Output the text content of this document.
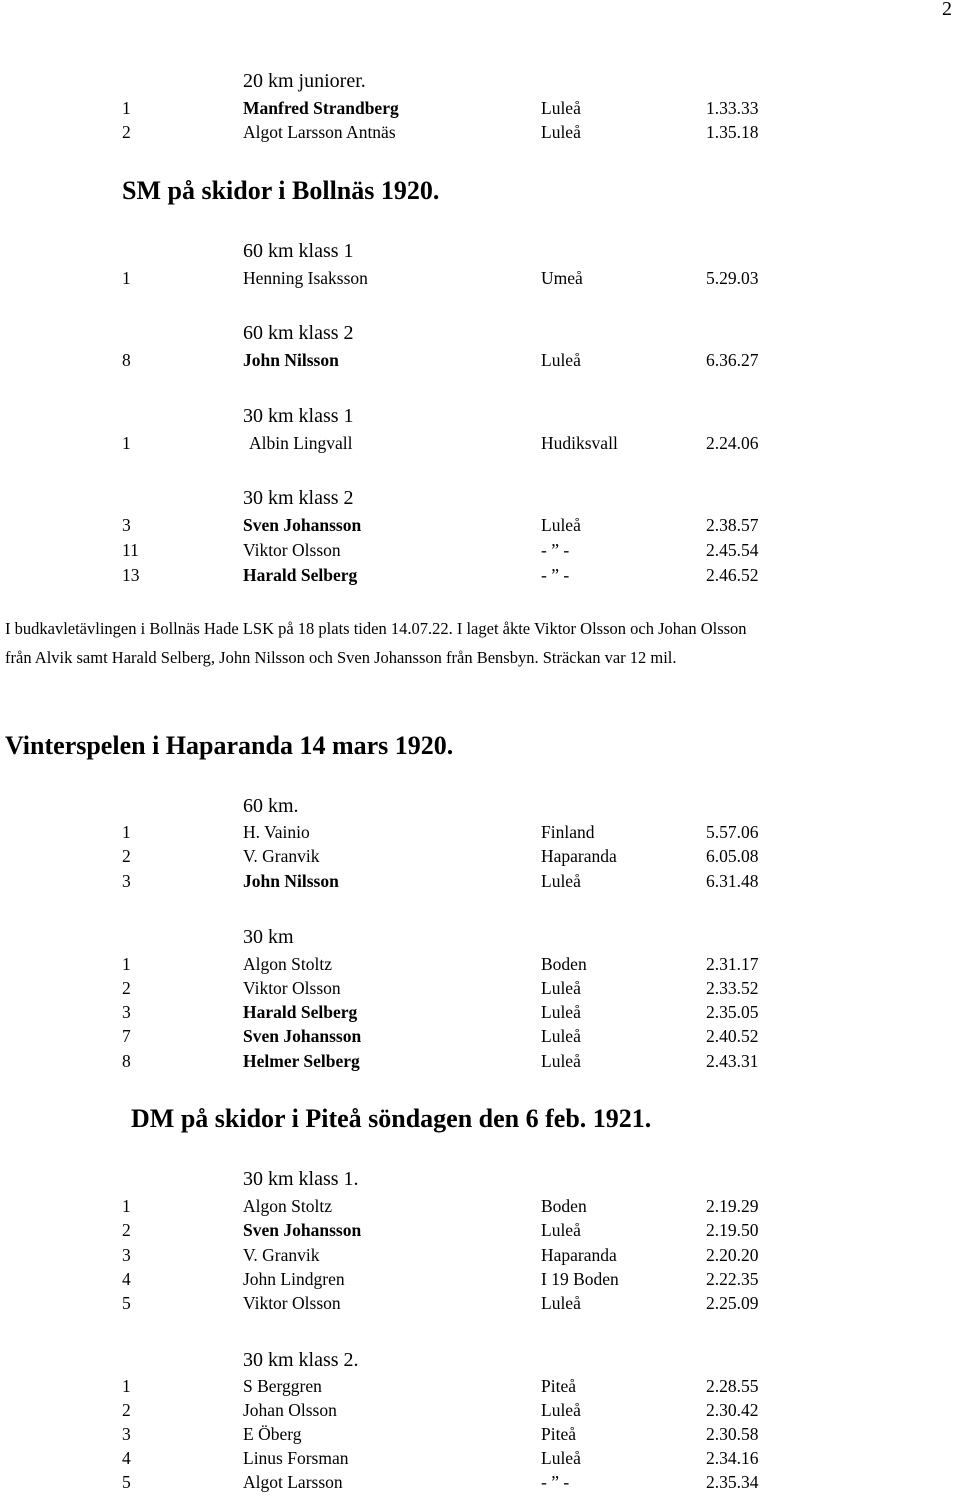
2
20 km juniorer.
1	Manfred Strandberg	Luleå	1.33.33
2	Algot Larsson Antnäs	Luleå	1.35.18
SM på skidor i Bollnäs 1920.
60 km klass 1
1	Henning Isaksson	Umeå	5.29.03
60 km klass 2
8	John Nilsson	Luleå	6.36.27
30 km klass 1
1	Albin Lingvall	Hudiksvall	2.24.06
30 km klass 2
3	Sven Johansson	Luleå	2.38.57
11	Viktor Olsson	- ” -	2.45.54
13	Harald Selberg	- ” -	2.46.52
I budkavletävlingen i Bollnäs Hade LSK på 18 plats tiden 14.07.22. I laget åkte Viktor Olsson och Johan Olsson
från Alvik samt Harald Selberg, John Nilsson och Sven Johansson från Bensbyn. Sträckan var 12 mil.
Vinterspelen i Haparanda 14 mars 1920.
60 km.
1	H. Vainio	Finland	5.57.06
2	V. Granvik	Haparanda	6.05.08
3	John Nilsson	Luleå	6.31.48
30 km
1	Algon Stoltz	Boden	2.31.17
2	Viktor Olsson	Luleå	2.33.52
3	Harald Selberg	Luleå	2.35.05
7	Sven Johansson	Luleå	2.40.52
8	Helmer Selberg	Luleå	2.43.31
DM på skidor i Piteå söndagen den 6 feb. 1921.
30 km klass 1.
1	Algon Stoltz	Boden	2.19.29
2	Sven Johansson	Luleå	2.19.50
3	V. Granvik	Haparanda	2.20.20
4	John Lindgren	I 19 Boden	2.22.35
5	Viktor Olsson	Luleå	2.25.09
30 km klass 2.
1	S Berggren	Piteå	2.28.55
2	Johan Olsson	Luleå	2.30.42
3	E Öberg	Piteå	2.30.58
4	Linus Forsman	Luleå	2.34.16
5	Algot Larsson	- ” -	2.35.34
